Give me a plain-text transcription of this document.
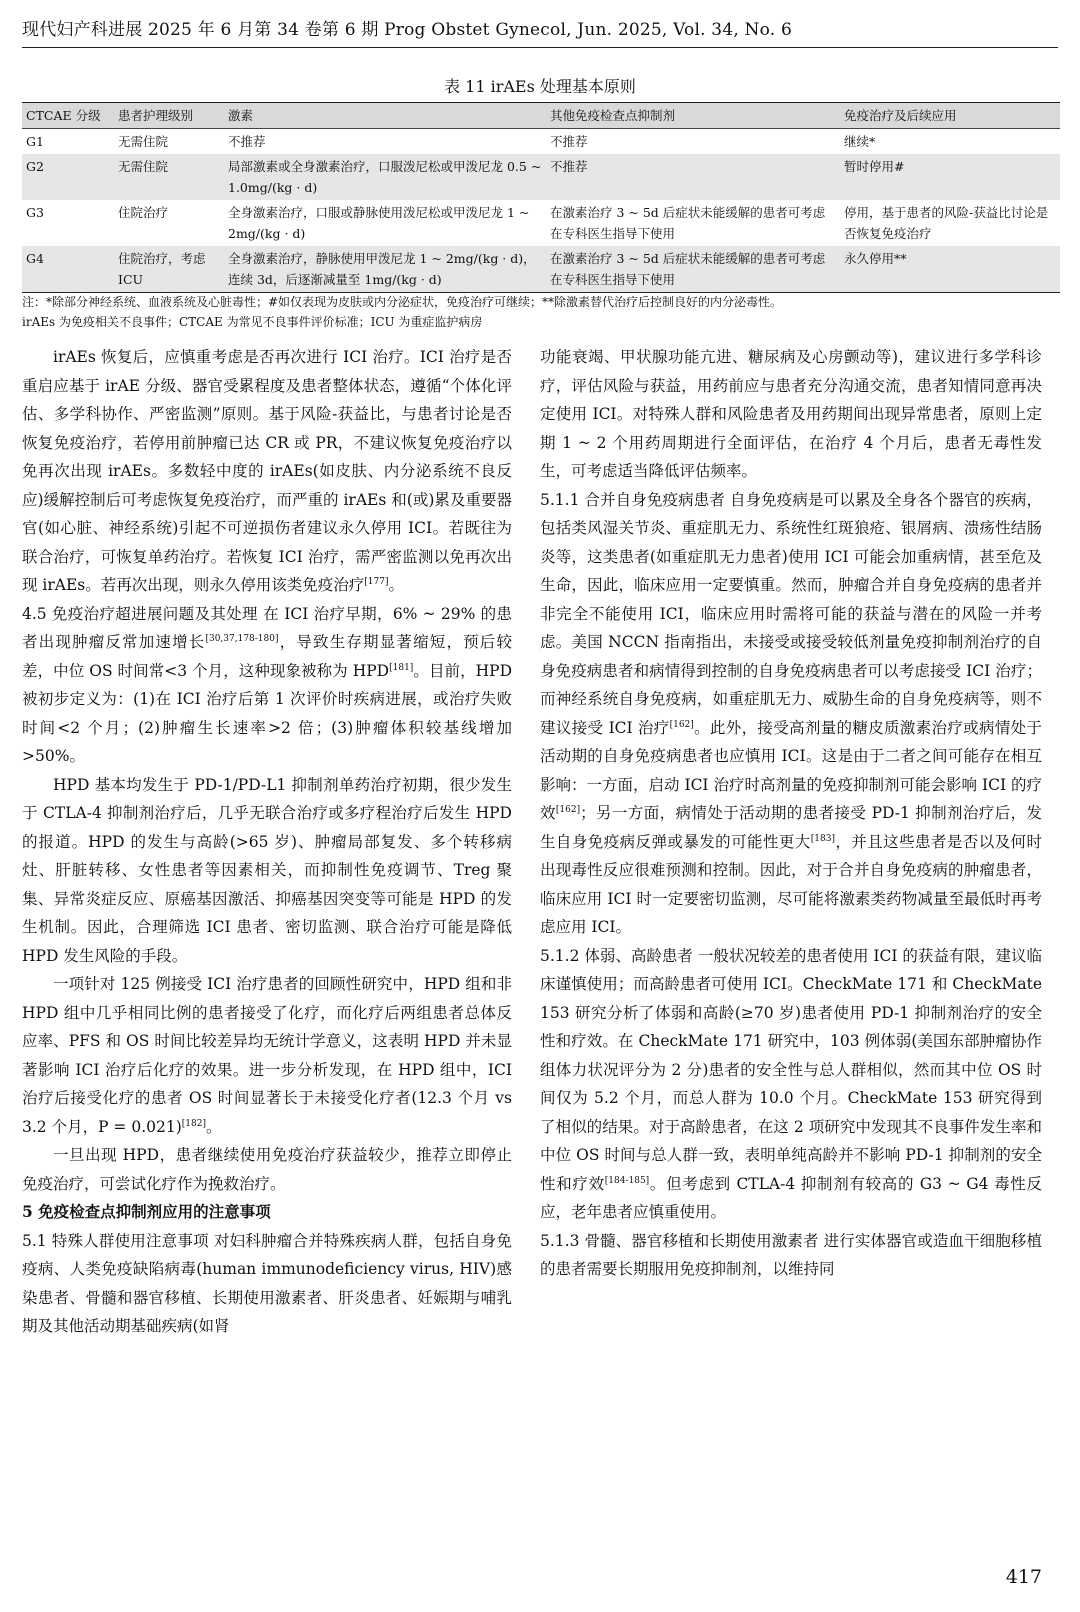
现代妇产科进展 2025 年 6 月第 34 卷第 6 期 Prog Obstet Gynecol, Jun. 2025, Vol. 34, No. 6
表 11 irAEs 处理基本原则
CTCAE 分级	患者护理级别	激素	其他免疫检查点抑制剂	免疫治疗及后续应用
G1	无需住院	不推荐	不推荐	继续*
G2	无需住院	局部激素或全身激素治疗，口服泼尼松或甲泼尼龙 0.5 ~ 1.0mg/(kg · d)	不推荐	暂时停用#
G3	住院治疗	全身激素治疗，口服或静脉使用泼尼松或甲泼尼龙 1 ~ 2mg/(kg · d)	在激素治疗 3 ~ 5d 后症状未能缓解的患者可考虑在专科医生指导下使用	停用，基于患者的风险-获益比讨论是否恢复免疫治疗
G4	住院治疗，考虑 ICU	全身激素治疗，静脉使用甲泼尼龙 1 ~ 2mg/(kg · d)，连续 3d，后逐渐减量至 1mg/(kg · d)	在激素治疗 3 ~ 5d 后症状未能缓解的患者可考虑在专科医生指导下使用	永久停用**
注：*除部分神经系统、血液系统及心脏毒性；#如仅表现为皮肤或内分泌症状，免疫治疗可继续；**除激素替代治疗后控制良好的内分泌毒性。
irAEs 为免疫相关不良事件；CTCAE 为常见不良事件评价标准；ICU 为重症监护病房

irAEs 恢复后，应慎重考虑是否再次进行 ICI 治疗。ICI 治疗是否重启应基于 irAE 分级、器官受累程度及患者整体状态，遵循“个体化评估、多学科协作、严密监测”原则。基于风险-获益比，与患者讨论是否恢复免疫治疗，若停用前肿瘤已达 CR 或 PR，不建议恢复免疫治疗以免再次出现 irAEs。多数轻中度的 irAEs(如皮肤、内分泌系统不良反应)缓解控制后可考虑恢复免疫治疗，而严重的 irAEs 和(或)累及重要器官(如心脏、神经系统)引起不可逆损伤者建议永久停用 ICI。若既往为联合治疗，可恢复单药治疗。若恢复 ICI 治疗，需严密监测以免再次出现 irAEs。若再次出现，则永久停用该类免疫治疗[177]。

4.5 免疫治疗超进展问题及其处理 在 ICI 治疗早期，6% ~ 29% 的患者出现肿瘤反常加速增长[30,37,178-180]，导致生存期显著缩短，预后较差，中位 OS 时间常<3 个月，这种现象被称为 HPD[181]。目前，HPD 被初步定义为：(1)在 ICI 治疗后第 1 次评价时疾病进展，或治疗失败时间<2 个月；(2)肿瘤生长速率>2 倍；(3)肿瘤体积较基线增加>50%。

HPD 基本均发生于 PD-1/PD-L1 抑制剂单药治疗初期，很少发生于 CTLA-4 抑制剂治疗后，几乎无联合治疗或多疗程治疗后发生 HPD 的报道。HPD 的发生与高龄(>65 岁)、肿瘤局部复发、多个转移病灶、肝脏转移、女性患者等因素相关，而抑制性免疫调节、Treg 聚集、异常炎症反应、原癌基因激活、抑癌基因突变等可能是 HPD 的发生机制。因此，合理筛选 ICI 患者、密切监测、联合治疗可能是降低 HPD 发生风险的手段。

一项针对 125 例接受 ICI 治疗患者的回顾性研究中，HPD 组和非 HPD 组中几乎相同比例的患者接受了化疗，而化疗后两组患者总体反应率、PFS 和 OS 时间比较差异均无统计学意义，这表明 HPD 并未显著影响 ICI 治疗后化疗的效果。进一步分析发现，在 HPD 组中，ICI 治疗后接受化疗的患者 OS 时间显著长于未接受化疗者(12.3 个月 vs 3.2 个月，P = 0.021)[182]。

一旦出现 HPD，患者继续使用免疫治疗获益较少，推荐立即停止免疫治疗，可尝试化疗作为挽救治疗。

5 免疫检查点抑制剂应用的注意事项

5.1 特殊人群使用注意事项 对妇科肿瘤合并特殊疾病人群，包括自身免疫病、人类免疫缺陷病毒(human immunodeficiency virus, HIV)感染患者、骨髓和器官移植、长期使用激素者、肝炎患者、妊娠期与哺乳期及其他活动期基础疾病(如肾

功能衰竭、甲状腺功能亢进、糖尿病及心房颤动等)，建议进行多学科诊疗，评估风险与获益，用药前应与患者充分沟通交流，患者知情同意再决定使用 ICI。对特殊人群和风险患者及用药期间出现异常患者，原则上定期 1 ~ 2 个用药周期进行全面评估，在治疗 4 个月后，患者无毒性发生，可考虑适当降低评估频率。

5.1.1 合并自身免疫病患者 自身免疫病是可以累及全身各个器官的疾病，包括类风湿关节炎、重症肌无力、系统性红斑狼疮、银屑病、溃疡性结肠炎等，这类患者(如重症肌无力患者)使用 ICI 可能会加重病情，甚至危及生命，因此，临床应用一定要慎重。然而，肿瘤合并自身免疫病的患者并非完全不能使用 ICI，临床应用时需将可能的获益与潜在的风险一并考虑。美国 NCCN 指南指出，未接受或接受较低剂量免疫抑制剂治疗的自身免疫病患者和病情得到控制的自身免疫病患者可以考虑接受 ICI 治疗；而神经系统自身免疫病，如重症肌无力、威胁生命的自身免疫病等，则不建议接受 ICI 治疗[162]。此外，接受高剂量的糖皮质激素治疗或病情处于活动期的自身免疫病患者也应慎用 ICI。这是由于二者之间可能存在相互影响：一方面，启动 ICI 治疗时高剂量的免疫抑制剂可能会影响 ICI 的疗效[162]；另一方面，病情处于活动期的患者接受 PD-1 抑制剂治疗后，发生自身免疫病反弹或暴发的可能性更大[183]，并且这些患者是否以及何时出现毒性反应很难预测和控制。因此，对于合并自身免疫病的肿瘤患者，临床应用 ICI 时一定要密切监测，尽可能将激素类药物减量至最低时再考虑应用 ICI。

5.1.2 体弱、高龄患者 一般状况较差的患者使用 ICI 的获益有限，建议临床谨慎使用；而高龄患者可使用 ICI。CheckMate 171 和 CheckMate 153 研究分析了体弱和高龄(≥70 岁)患者使用 PD-1 抑制剂治疗的安全性和疗效。在 CheckMate 171 研究中，103 例体弱(美国东部肿瘤协作组体力状况评分为 2 分)患者的安全性与总人群相似，然而其中位 OS 时间仅为 5.2 个月，而总人群为 10.0 个月。CheckMate 153 研究得到了相似的结果。对于高龄患者，在这 2 项研究中发现其不良事件发生率和中位 OS 时间与总人群一致，表明单纯高龄并不影响 PD-1 抑制剂的安全性和疗效[184-185]。但考虑到 CTLA-4 抑制剂有较高的 G3 ~ G4 毒性反应，老年患者应慎重使用。

5.1.3 骨髓、器官移植和长期使用激素者 进行实体器官或造血干细胞移植的患者需要长期服用免疫抑制剂，以维持同

417
